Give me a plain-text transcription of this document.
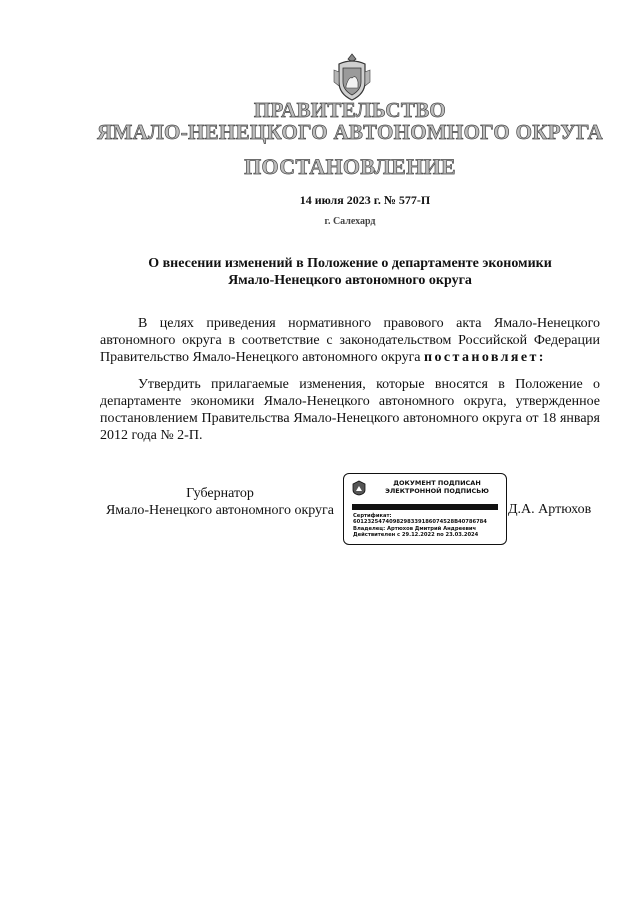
ПРАВИТЕЛЬСТВО
ЯМАЛО-НЕНЕЦКОГО АВТОНОМНОГО ОКРУГА
ПОСТАНОВЛЕНИЕ
14 июля 2023 г. № 577-П
г. Салехард
О внесении изменений в Положение о департаменте экономики
Ямало-Ненецкого автономного округа
В целях приведения нормативного правового акта Ямало-Ненецкого автономного округа в соответствие с законодательством Российской Федерации Правительство Ямало-Ненецкого автономного округа постановляет:
Утвердить прилагаемые изменения, которые вносятся в Положение о департаменте экономики Ямало-Ненецкого автономного округа, утвержденное постановлением Правительства Ямало-Ненецкого автономного округа от 18 января 2012 года № 2-П.
Губернатор
Ямало-Ненецкого автономного округа
ДОКУМЕНТ ПОДПИСАН
ЭЛЕКТРОННОЙ ПОДПИСЬЮ
Сертификат:
6012325474098298339186074528B40786784
Владелец: Артюхов Дмитрий Андреевич
Действителен с 29.12.2022 по 23.03.2024
Д.А. Артюхов
